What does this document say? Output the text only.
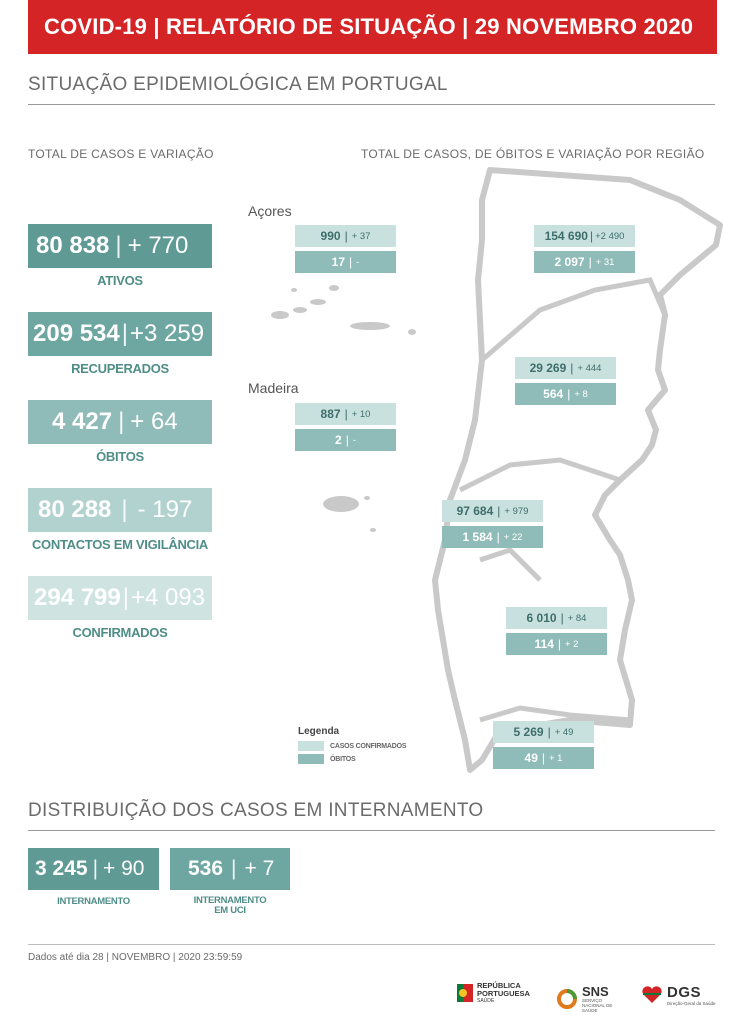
COVID-19 | RELATÓRIO DE SITUAÇÃO | 29 NOVEMBRO 2020
SITUAÇÃO EPIDEMIOLÓGICA EM PORTUGAL
TOTAL DE CASOS E VARIAÇÃO	TOTAL DE CASOS, DE ÓBITOS E VARIAÇÃO POR REGIÃO
80 838 | + 770
ATIVOS
209 534 | +3 259
RECUPERADOS
4 427 | + 64
ÓBITOS
80 288 | - 197
CONTACTOS EM VIGILÂNCIA
294 799 | +4 093
CONFIRMADOS
Açores
Madeira
990 | + 37
17 | -
887 | + 10
2 | -
154 690 | +2 490
2 097 | + 31
29 269 | + 444
564 | + 8
97 684 | + 979
1 584 | + 22
6 010 | + 84
114 | + 2
5 269 | + 49
49 | + 1
Legenda
CASOS CONFIRMADOS
ÓBITOS
DISTRIBUIÇÃO DOS CASOS EM INTERNAMENTO
3 245 | + 90
INTERNAMENTO
536 | + 7
INTERNAMENTO
EM UCI
Dados até dia 28 | NOVEMBRO | 2020 23:59:59
REPÚBLICA
PORTUGUESA
SAÚDE
SNS
SERVIÇO NACIONAL DE SAÚDE
DGS
Direção-Geral da Saúde
